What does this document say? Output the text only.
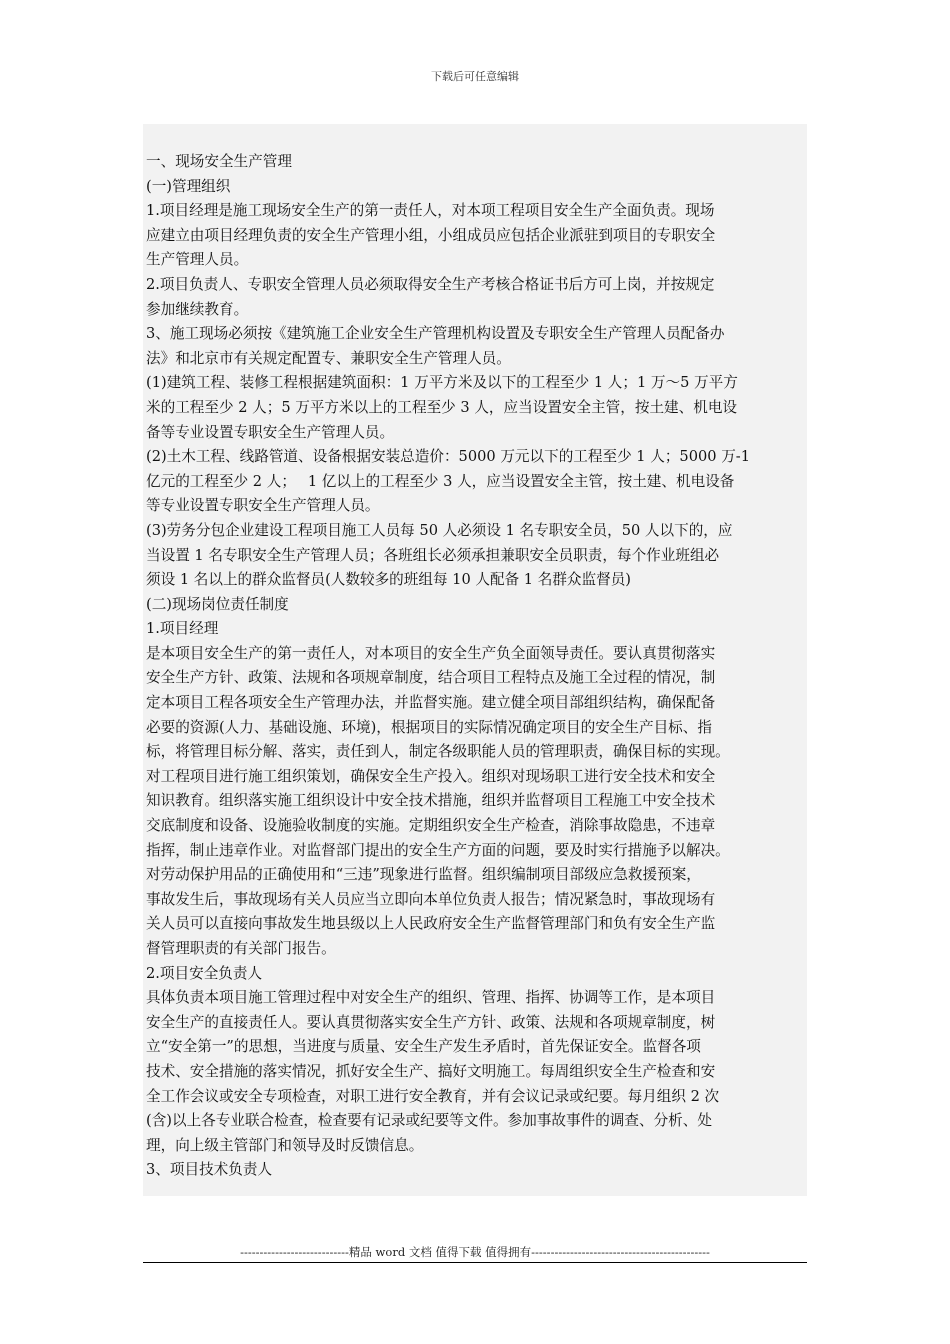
下载后可任意编辑

一、现场安全生产管理

(一)管理组织

1.项目经理是施工现场安全生产的第一责任人，对本项工程项目安全生产全面负责。现场
应建立由项目经理负责的安全生产管理小组，小组成员应包括企业派驻到项目的专职安全
生产管理人员。

2.项目负责人、专职安全管理人员必须取得安全生产考核合格证书后方可上岗，并按规定
参加继续教育。

3、施工现场必须按《建筑施工企业安全生产管理机构设置及专职安全生产管理人员配备办
法》和北京市有关规定配置专、兼职安全生产管理人员。

(1)建筑工程、装修工程根据建筑面积：1 万平方米及以下的工程至少 1 人；1 万～5 万平方
米的工程至少 2 人；5 万平方米以上的工程至少 3 人，应当设置安全主管，按土建、机电设
备等专业设置专职安全生产管理人员。

(2)土木工程、线路管道、设备根据安装总造价：5000 万元以下的工程至少 1 人；5000 万-1
亿元的工程至少 2 人；　 1 亿以上的工程至少 3 人，应当设置安全主管，按土建、机电设备
等专业设置专职安全生产管理人员。

(3)劳务分包企业建设工程项目施工人员每 50 人必须设 1 名专职安全员，50 人以下的，应
当设置 1 名专职安全生产管理人员；各班组长必须承担兼职安全员职责，每个作业班组必
须设 1 名以上的群众监督员(人数较多的班组每 10 人配备 1 名群众监督员)

(二)现场岗位责任制度

1.项目经理

是本项目安全生产的第一责任人，对本项目的安全生产负全面领导责任。要认真贯彻落实
安全生产方针、政策、法规和各项规章制度，结合项目工程特点及施工全过程的情况，制
定本项目工程各项安全生产管理办法，并监督实施。建立健全项目部组织结构，确保配备
必要的资源(人力、基础设施、环境)，根据项目的实际情况确定项目的安全生产目标、指
标，将管理目标分解、落实，责任到人，制定各级职能人员的管理职责，确保目标的实现。
对工程项目进行施工组织策划，确保安全生产投入。组织对现场职工进行安全技术和安全
知识教育。组织落实施工组织设计中安全技术措施，组织并监督项目工程施工中安全技术
交底制度和设备、设施验收制度的实施。定期组织安全生产检查，消除事故隐患，不违章
指挥，制止违章作业。对监督部门提出的安全生产方面的问题，要及时实行措施予以解决。
对劳动保护用品的正确使用和“三违”现象进行监督。组织编制项目部级应急救援预案，
事故发生后，事故现场有关人员应当立即向本单位负责人报告；情况紧急时，事故现场有
关人员可以直接向事故发生地县级以上人民政府安全生产监督管理部门和负有安全生产监
督管理职责的有关部门报告。

2.项目安全负责人

具体负责本项目施工管理过程中对安全生产的组织、管理、指挥、协调等工作，是本项目
安全生产的直接责任人。要认真贯彻落实安全生产方针、政策、法规和各项规章制度，树
立“安全第一”的思想，当进度与质量、安全生产发生矛盾时，首先保证安全。监督各项
技术、安全措施的落实情况，抓好安全生产、搞好文明施工。每周组织安全生产检查和安
全工作会议或安全专项检查，对职工进行安全教育，并有会议记录或纪要。每月组织 2 次
(含)以上各专业联合检查，检查要有记录或纪要等文件。参加事故事件的调查、分析、处
理，向上级主管部门和领导及时反馈信息。

3、项目技术负责人

----------------------------精品 word 文档 值得下载 值得拥有----------------------------------------------
